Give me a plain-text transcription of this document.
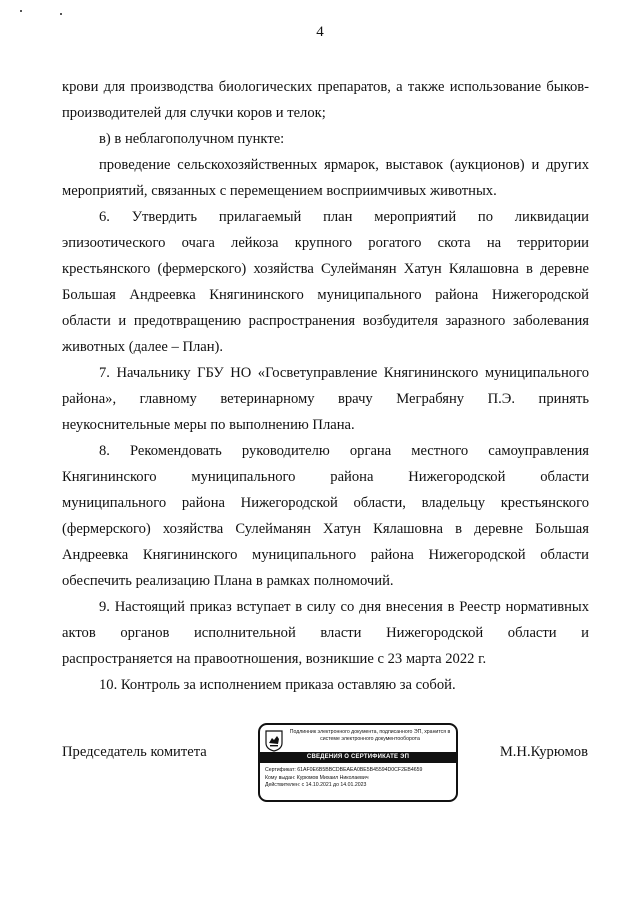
4

крови для производства биологических препаратов, а также использование быков-

производителей для случки коров и телок;

в) в неблагополучном пункте:

проведение сельскохозяйственных ярмарок, выставок (аукционов) и других

мероприятий, связанных с перемещением восприимчивых животных.

6. Утвердить прилагаемый план мероприятий по ликвидации

эпизоотического очага лейкоза крупного рогатого скота на территории

крестьянского (фермерского) хозяйства Сулейманян Хатун Кялашовна в деревне

Большая Андреевка Княгининского муниципального района Нижегородской

области и предотвращению распространения возбудителя заразного заболевания

животных (далее – План).

7. Начальнику ГБУ НО «Госветуправление Княгининского муниципального

района», главному ветеринарному врачу Меграбяну П.Э. принять

неукоснительные меры по выполнению Плана.

8. Рекомендовать руководителю органа местного самоуправления

Княгининского муниципального района Нижегородской области

муниципального района Нижегородской области, владельцу крестьянского

(фермерского) хозяйства Сулейманян Хатун Кялашовна в деревне Большая

Андреевка Княгининского муниципального района Нижегородской области

обеспечить реализацию Плана в рамках полномочий.

9. Настоящий приказ вступает в силу со дня внесения в Реестр нормативных

актов органов исполнительной власти Нижегородской области и

распространяется на правоотношения, возникшие с 23 марта 2022 г.

10. Контроль за исполнением приказа оставляю за собой.

Председатель комитета
Подлинник электронного документа, подписанного ЭП, хранится в системе электронного документооборота
СВЕДЕНИЯ О СЕРТИФИКАТЕ ЭП
Сертификат: 61AF0E6B5BBCDBEAEA0BE5B45594D0CF2EB4659
Кому выдан: Курюмов Михаил Николаевич
Действителен: с 14.10.2021 до 14.01.2023
М.Н.Курюмов
